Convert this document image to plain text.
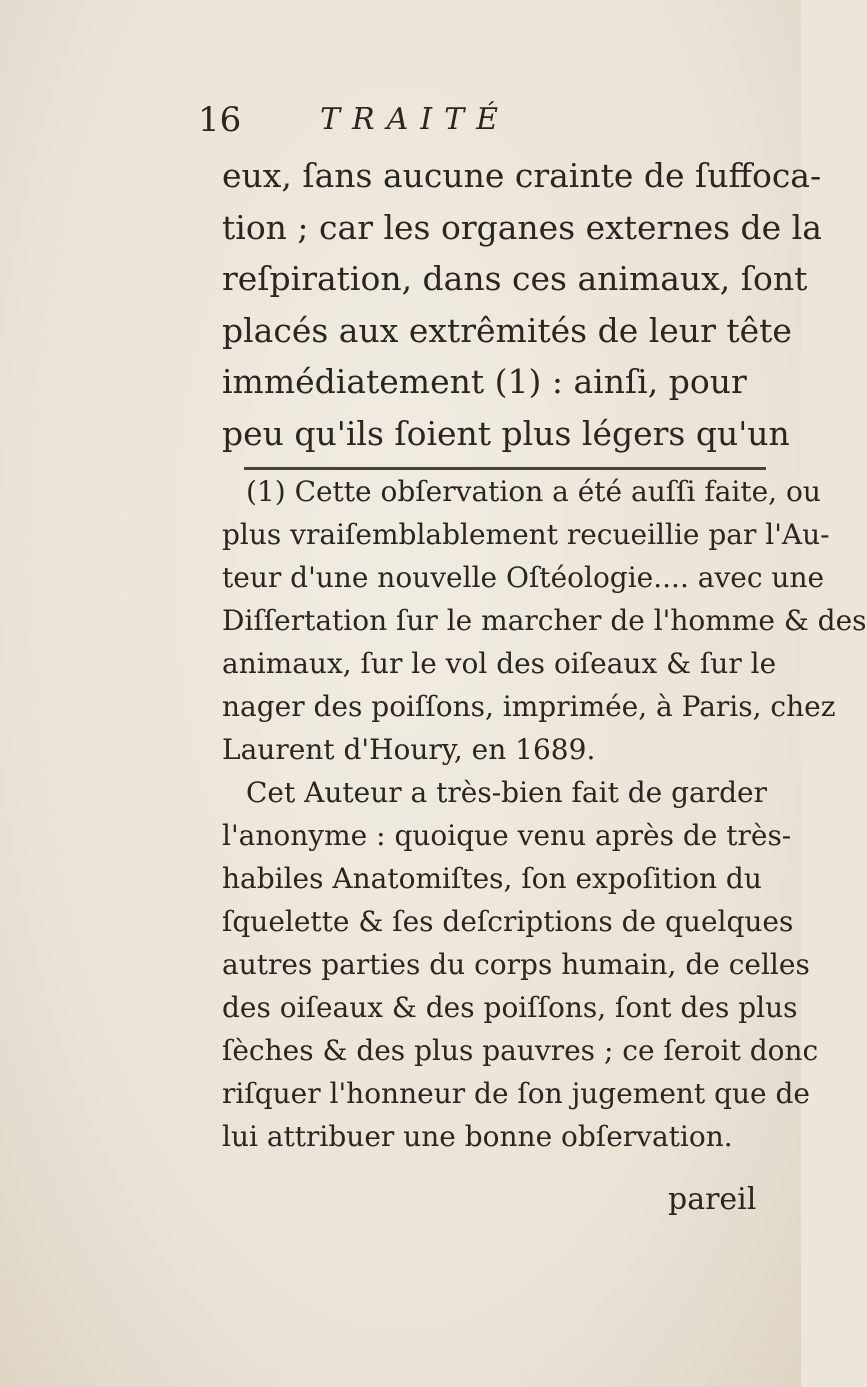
16	TRAITÉ
eux, ſans aucune crainte de ſuffoca-
tion ; car les organes externes de la
reſpiration, dans ces animaux, ſont
placés aux extrêmités de leur tête
immédiatement (1) : ainſi, pour
peu qu'ils ſoient plus légers qu'un
(1) Cette obſervation a été auſſi faite, ou
plus vraiſemblablement recueillie par l'Au-
teur d'une nouvelle Oſtéologie.... avec une
Diſſertation ſur le marcher de l'homme & des
animaux, ſur le vol des oiſeaux & ſur le
nager des poiſſons, imprimée, à Paris, chez
Laurent d'Houry, en 1689.
Cet Auteur a très-bien fait de garder
l'anonyme : quoique venu après de très-
habiles Anatomiſtes, ſon expoſition du
ſquelette & ſes deſcriptions de quelques
autres parties du corps humain, de celles
des oiſeaux & des poiſſons, ſont des plus
ſèches & des plus pauvres ; ce ſeroit donc
riſquer l'honneur de ſon jugement que de
lui attribuer une bonne obſervation.
pareil
